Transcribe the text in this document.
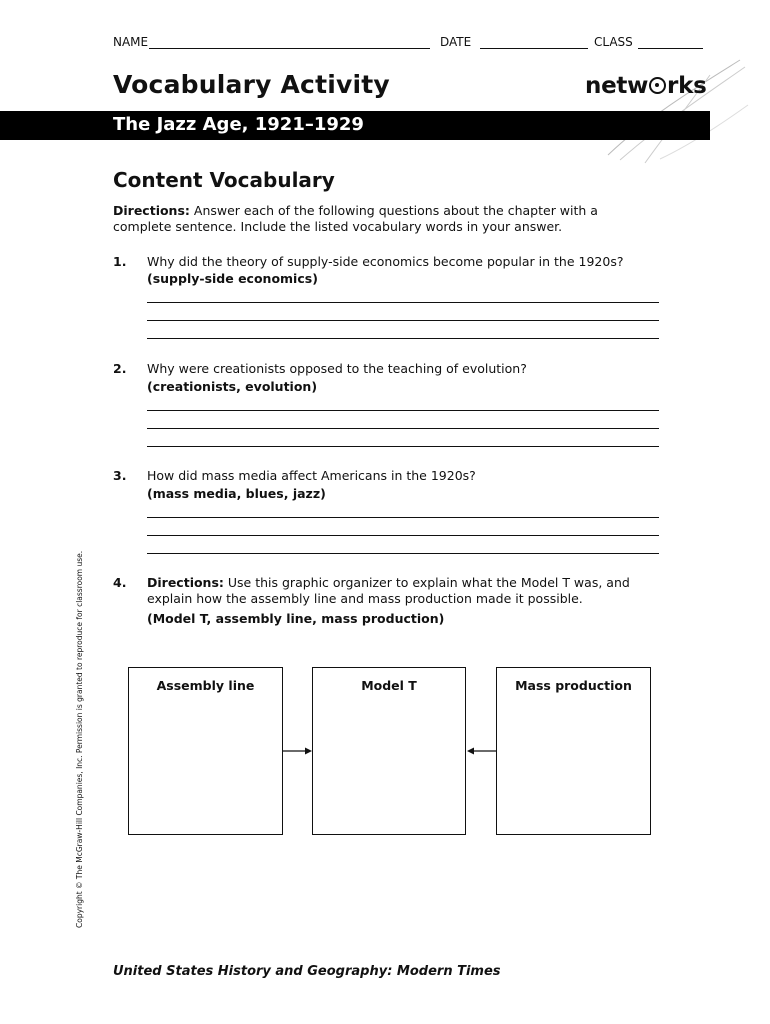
NAME	DATE	CLASS
Vocabulary Activity	netw rks
The Jazz Age, 1921–1929
Content Vocabulary
Directions: Answer each of the following questions about the chapter with a complete sentence. Include the listed vocabulary words in your answer.
1. Why did the theory of supply-side economics become popular in the 1920s?
(supply-side economics)
2. Why were creationists opposed to the teaching of evolution?
(creationists, evolution)
3. How did mass media affect Americans in the 1920s?
(mass media, blues, jazz)
4. Directions: Use this graphic organizer to explain what the Model T was, and explain how the assembly line and mass production made it possible.
(Model T, assembly line, mass production)
Assembly line	Model T	Mass production
Copyright © The McGraw-Hill Companies, Inc. Permission is granted to reproduce for classroom use.
United States History and Geography: Modern Times
